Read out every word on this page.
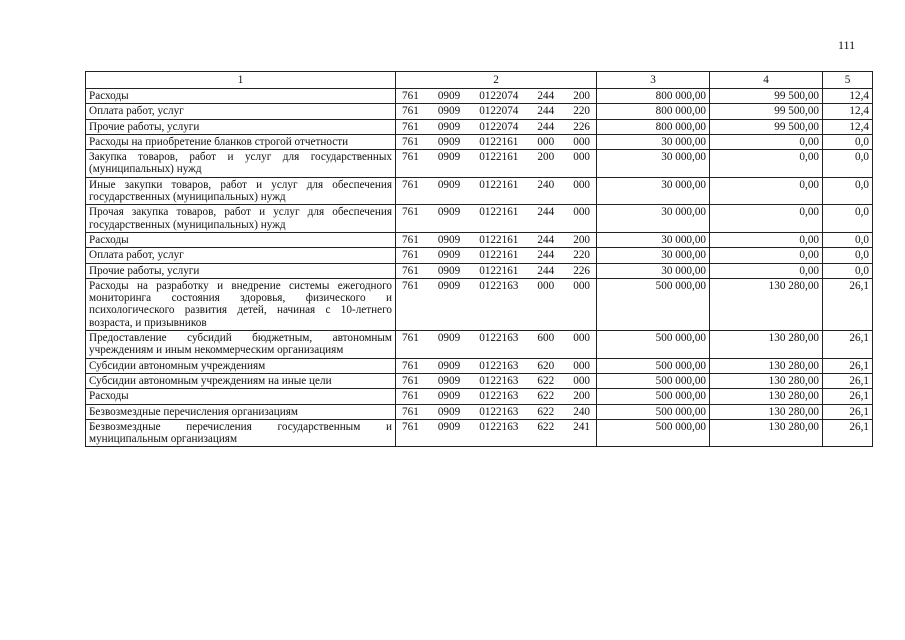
111
1	2	3	4	5
Расходы	761 0909 0122074 244 200	800 000,00	99 500,00	12,4
Оплата работ, услуг	761 0909 0122074 244 220	800 000,00	99 500,00	12,4
Прочие работы, услуги	761 0909 0122074 244 226	800 000,00	99 500,00	12,4
Расходы на приобретение бланков строгой отчетности	761 0909 0122161 000 000	30 000,00	0,00	0,0
Закупка товаров, работ и услуг для государственных (муниципальных) нужд	761 0909 0122161 200 000	30 000,00	0,00	0,0
Иные закупки товаров, работ и услуг для обеспечения государственных (муниципальных) нужд	761 0909 0122161 240 000	30 000,00	0,00	0,0
Прочая закупка товаров, работ и услуг для обеспечения государственных (муниципальных) нужд	761 0909 0122161 244 000	30 000,00	0,00	0,0
Расходы	761 0909 0122161 244 200	30 000,00	0,00	0,0
Оплата работ, услуг	761 0909 0122161 244 220	30 000,00	0,00	0,0
Прочие работы, услуги	761 0909 0122161 244 226	30 000,00	0,00	0,0
Расходы на разработку и внедрение системы ежегодного мониторинга состояния здоровья, физического и психологического развития детей, начиная с 10-летнего возраста, и призывников	761 0909 0122163 000 000	500 000,00	130 280,00	26,1
Предоставление субсидий бюджетным, автономным учреждениям и иным некоммерческим организациям	761 0909 0122163 600 000	500 000,00	130 280,00	26,1
Субсидии автономным учреждениям	761 0909 0122163 620 000	500 000,00	130 280,00	26,1
Субсидии автономным учреждениям на иные цели	761 0909 0122163 622 000	500 000,00	130 280,00	26,1
Расходы	761 0909 0122163 622 200	500 000,00	130 280,00	26,1
Безвозмездные перечисления организациям	761 0909 0122163 622 240	500 000,00	130 280,00	26,1
Безвозмездные перечисления государственным и муниципальным организациям	761 0909 0122163 622 241	500 000,00	130 280,00	26,1
